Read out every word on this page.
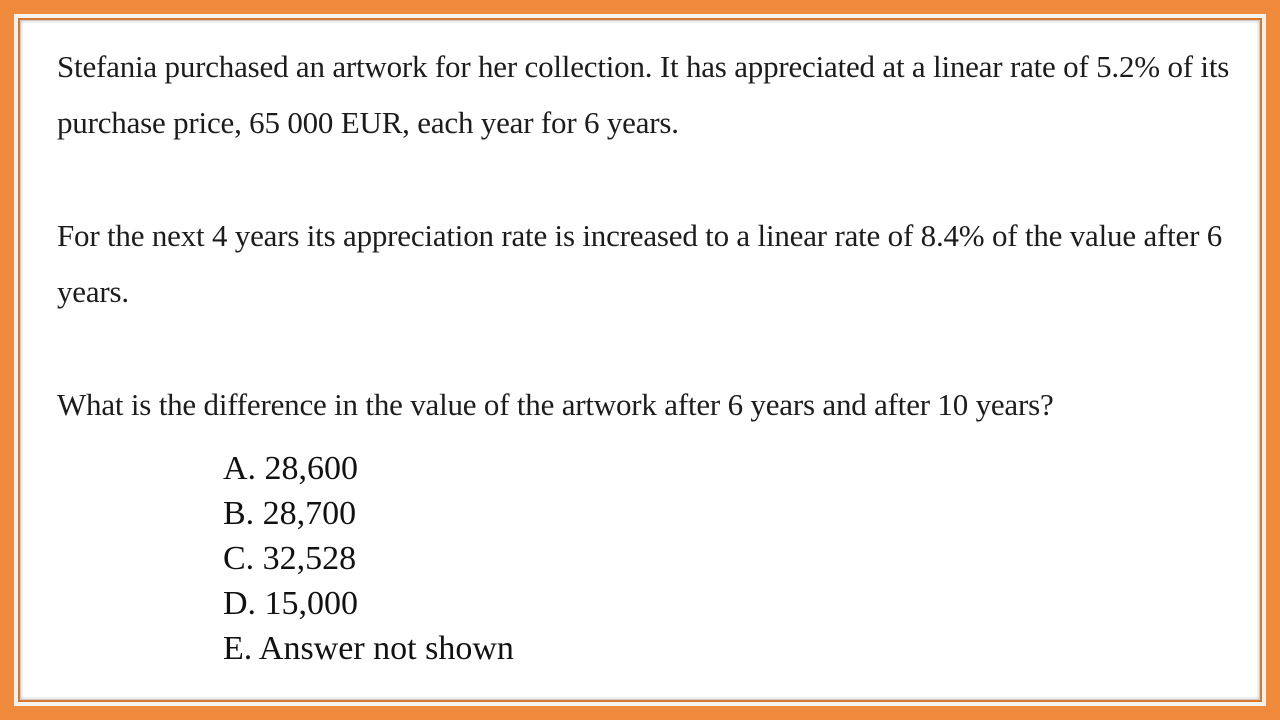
Stefania purchased an artwork for her collection. It has appreciated at a linear rate of 5.2% of its purchase price, 65 000 EUR, each year for 6 years.

For the next 4 years its appreciation rate is increased to a linear rate of 8.4% of the value after 6 years.

What is the difference in the value of the artwork after 6 years and after 10 years?

A. 28,600
B. 28,700
C. 32,528
D. 15,000
E. Answer not shown
